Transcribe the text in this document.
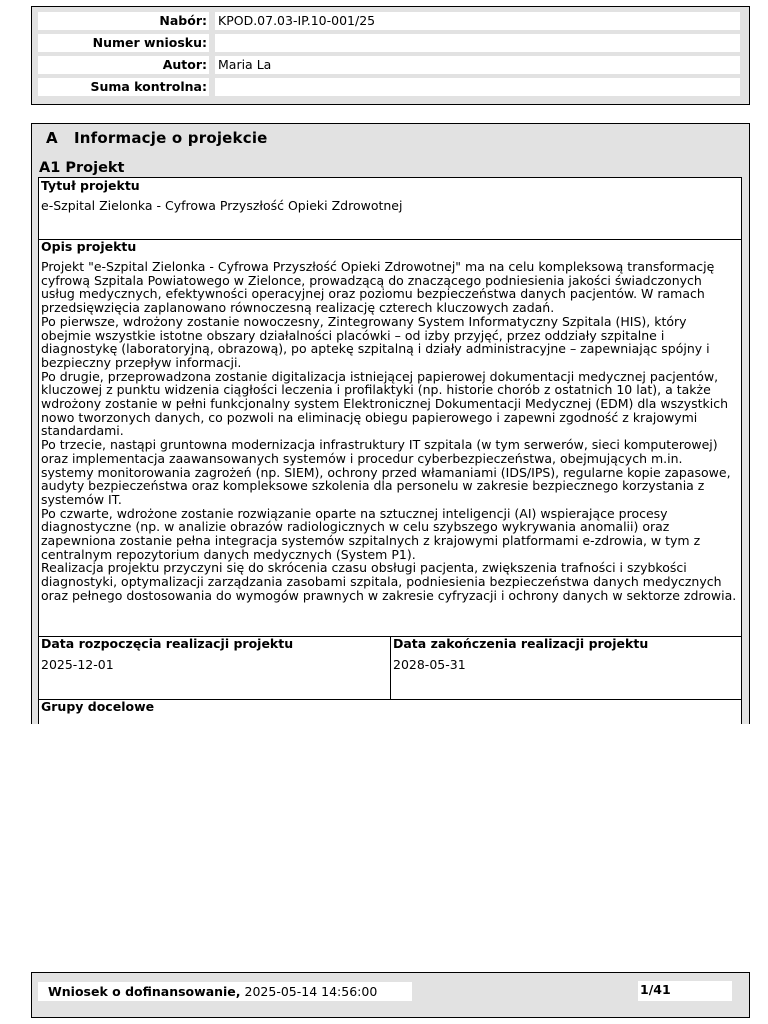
Nabór: KPOD.07.03-IP.10-001/25
Numer wniosku:
Autor: Maria La
Suma kontrolna:
A Informacje o projekcie
A1 Projekt
Tytuł projektu
e-Szpital Zielonka - Cyfrowa Przyszłość Opieki Zdrowotnej
Opis projektu

Projekt "e-Szpital Zielonka - Cyfrowa Przyszłość Opieki Zdrowotnej" ma na celu kompleksową transformację cyfrową Szpitala Powiatowego w Zielonce, prowadzącą do znaczącego podniesienia jakości świadczonych usług medycznych, efektywności operacyjnej oraz poziomu bezpieczeństwa danych pacjentów. W ramach przedsięwzięcia zaplanowano równoczesną realizację czterech kluczowych zadań.

Po pierwsze, wdrożony zostanie nowoczesny, Zintegrowany System Informatyczny Szpitala (HIS), który obejmie wszystkie istotne obszary działalności placówki – od izby przyjęć, przez oddziały szpitalne i diagnostykę (laboratoryjną, obrazową), po aptekę szpitalną i działy administracyjne – zapewniając spójny i bezpieczny przepływ informacji.

Po drugie, przeprowadzona zostanie digitalizacja istniejącej papierowej dokumentacji medycznej pacjentów, kluczowej z punktu widzenia ciągłości leczenia i profilaktyki (np. historie chorób z ostatnich 10 lat), a także wdrożony zostanie w pełni funkcjonalny system Elektronicznej Dokumentacji Medycznej (EDM) dla wszystkich nowo tworzonych danych, co pozwoli na eliminację obiegu papierowego i zapewni zgodność z krajowymi standardami.

Po trzecie, nastąpi gruntowna modernizacja infrastruktury IT szpitala (w tym serwerów, sieci komputerowej) oraz implementacja zaawansowanych systemów i procedur cyberbezpieczeństwa, obejmujących m.in. systemy monitorowania zagrożeń (np. SIEM), ochrony przed włamaniami (IDS/IPS), regularne kopie zapasowe, audyty bezpieczeństwa oraz kompleksowe szkolenia dla personelu w zakresie bezpiecznego korzystania z systemów IT.

Po czwarte, wdrożone zostanie rozwiązanie oparte na sztucznej inteligencji (AI) wspierające procesy diagnostyczne (np. w analizie obrazów radiologicznych w celu szybszego wykrywania anomalii) oraz zapewniona zostanie pełna integracja systemów szpitalnych z krajowymi platformami e-zdrowia, w tym z centralnym repozytorium danych medycznych (System P1).

Realizacja projektu przyczyni się do skrócenia czasu obsługi pacjenta, zwiększenia trafności i szybkości diagnostyki, optymalizacji zarządzania zasobami szpitala, podniesienia bezpieczeństwa danych medycznych oraz pełnego dostosowania do wymogów prawnych w zakresie cyfryzacji i ochrony danych w sektorze zdrowia.

Data rozpoczęcia realizacji projektu
2025-12-01
Data zakończenia realizacji projektu
2028-05-31
Grupy docelowe
Wniosek o dofinansowanie, 2025-05-14 14:56:00	1/41
